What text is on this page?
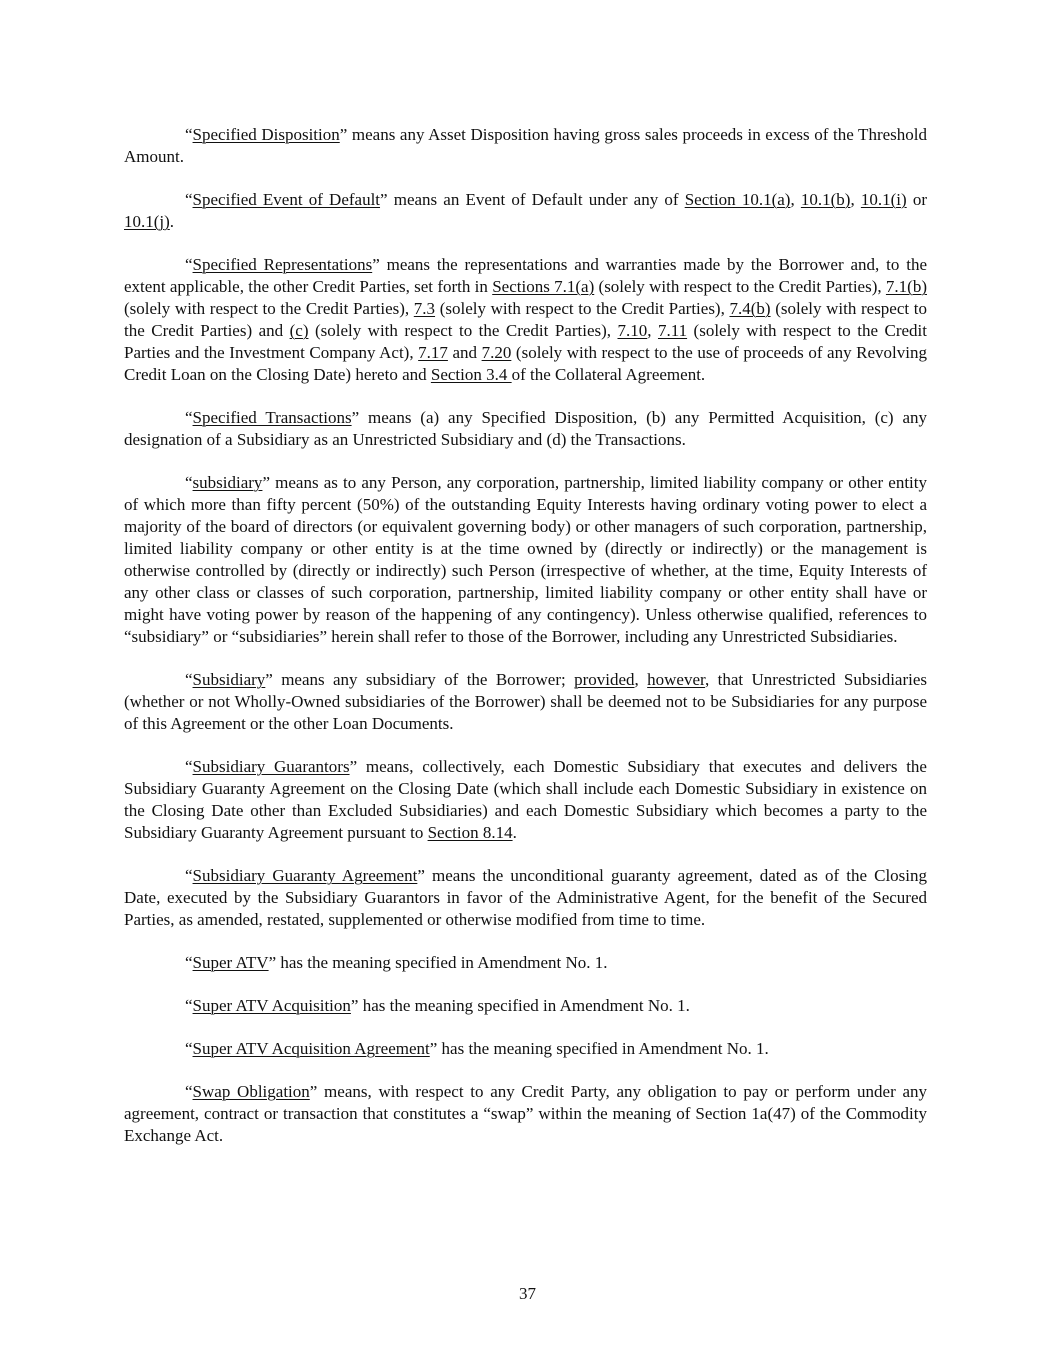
“Specified Disposition” means any Asset Disposition having gross sales proceeds in excess of the Threshold Amount.

“Specified Event of Default” means an Event of Default under any of Section 10.1(a), 10.1(b), 10.1(i) or 10.1(j).

“Specified Representations” means the representations and warranties made by the Borrower and, to the extent applicable, the other Credit Parties, set forth in Sections 7.1(a) (solely with respect to the Credit Parties), 7.1(b) (solely with respect to the Credit Parties), 7.3 (solely with respect to the Credit Parties), 7.4(b) (solely with respect to the Credit Parties) and (c) (solely with respect to the Credit Parties), 7.10, 7.11 (solely with respect to the Credit Parties and the Investment Company Act), 7.17 and 7.20 (solely with respect to the use of proceeds of any Revolving Credit Loan on the Closing Date) hereto and Section 3.4 of the Collateral Agreement.

“Specified Transactions” means (a) any Specified Disposition, (b) any Permitted Acquisition, (c) any designation of a Subsidiary as an Unrestricted Subsidiary and (d) the Transactions.

“subsidiary” means as to any Person, any corporation, partnership, limited liability company or other entity of which more than fifty percent (50%) of the outstanding Equity Interests having ordinary voting power to elect a majority of the board of directors (or equivalent governing body) or other managers of such corporation, partnership, limited liability company or other entity is at the time owned by (directly or indirectly) or the management is otherwise controlled by (directly or indirectly) such Person (irrespective of whether, at the time, Equity Interests of any other class or classes of such corporation, partnership, limited liability company or other entity shall have or might have voting power by reason of the happening of any contingency). Unless otherwise qualified, references to “subsidiary” or “subsidiaries” herein shall refer to those of the Borrower, including any Unrestricted Subsidiaries.

“Subsidiary” means any subsidiary of the Borrower; provided, however, that Unrestricted Subsidiaries (whether or not Wholly-Owned subsidiaries of the Borrower) shall be deemed not to be Subsidiaries for any purpose of this Agreement or the other Loan Documents.

“Subsidiary Guarantors” means, collectively, each Domestic Subsidiary that executes and delivers the Subsidiary Guaranty Agreement on the Closing Date (which shall include each Domestic Subsidiary in existence on the Closing Date other than Excluded Subsidiaries) and each Domestic Subsidiary which becomes a party to the Subsidiary Guaranty Agreement pursuant to Section 8.14.

“Subsidiary Guaranty Agreement” means the unconditional guaranty agreement, dated as of the Closing Date, executed by the Subsidiary Guarantors in favor of the Administrative Agent, for the benefit of the Secured Parties, as amended, restated, supplemented or otherwise modified from time to time.

“Super ATV” has the meaning specified in Amendment No. 1.

“Super ATV Acquisition” has the meaning specified in Amendment No. 1.

“Super ATV Acquisition Agreement” has the meaning specified in Amendment No. 1.

“Swap Obligation” means, with respect to any Credit Party, any obligation to pay or perform under any agreement, contract or transaction that constitutes a “swap” within the meaning of Section 1a(47) of the Commodity Exchange Act.

37
